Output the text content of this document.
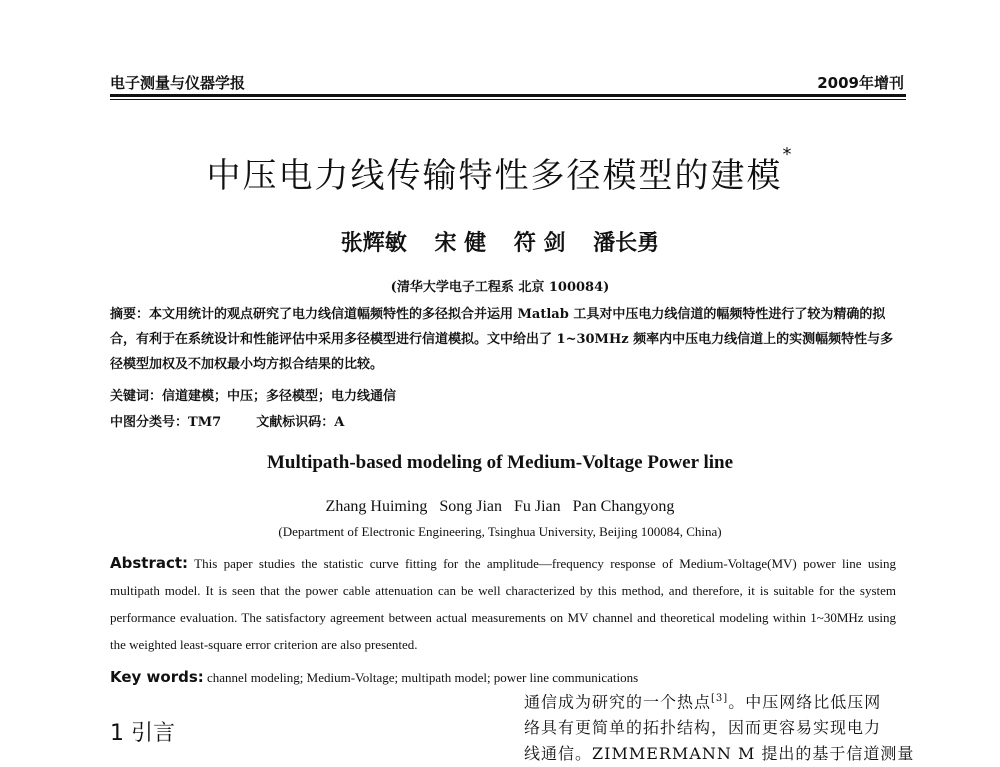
电子测量与仪器学报	2009年增刊
中压电力线传输特性多径模型的建模*
张辉敏 宋 健 符 剑 潘长勇
(清华大学电子工程系 北京 100084)
摘要：本文用统计的观点研究了电力线信道幅频特性的多径拟合并运用 Matlab 工具对中压电力线信道的幅频特性进行了较为精确的拟合，有利于在系统设计和性能评估中采用多径模型进行信道模拟。文中给出了 1~30MHz 频率内中压电力线信道上的实测幅频特性与多径模型加权及不加权最小均方拟合结果的比较。
关键词：信道建模；中压；多径模型；电力线通信
中图分类号：TM7	文献标识码：A
Multipath-based modeling of Medium-Voltage Power line
Zhang Huiming Song Jian Fu Jian Pan Changyong
(Department of Electronic Engineering, Tsinghua University, Beijing 100084, China)
Abstract: This paper studies the statistic curve fitting for the amplitude—frequency response of Medium-Voltage(MV) power line using multipath model. It is seen that the power cable attenuation can be well characterized by this method, and therefore, it is suitable for the system performance evaluation. The satisfactory agreement between actual measurements on MV channel and theoretical modeling within 1~30MHz using the weighted least-square error criterion are also presented.
Key words: channel modeling; Medium-Voltage; multipath model; power line communications
1 引言
通信成为研究的一个热点[3]。中压网络比低压网
络具有更简单的拓扑结构，因而更容易实现电力
线通信。ZIMMERMANN M 提出的基于信道测量
